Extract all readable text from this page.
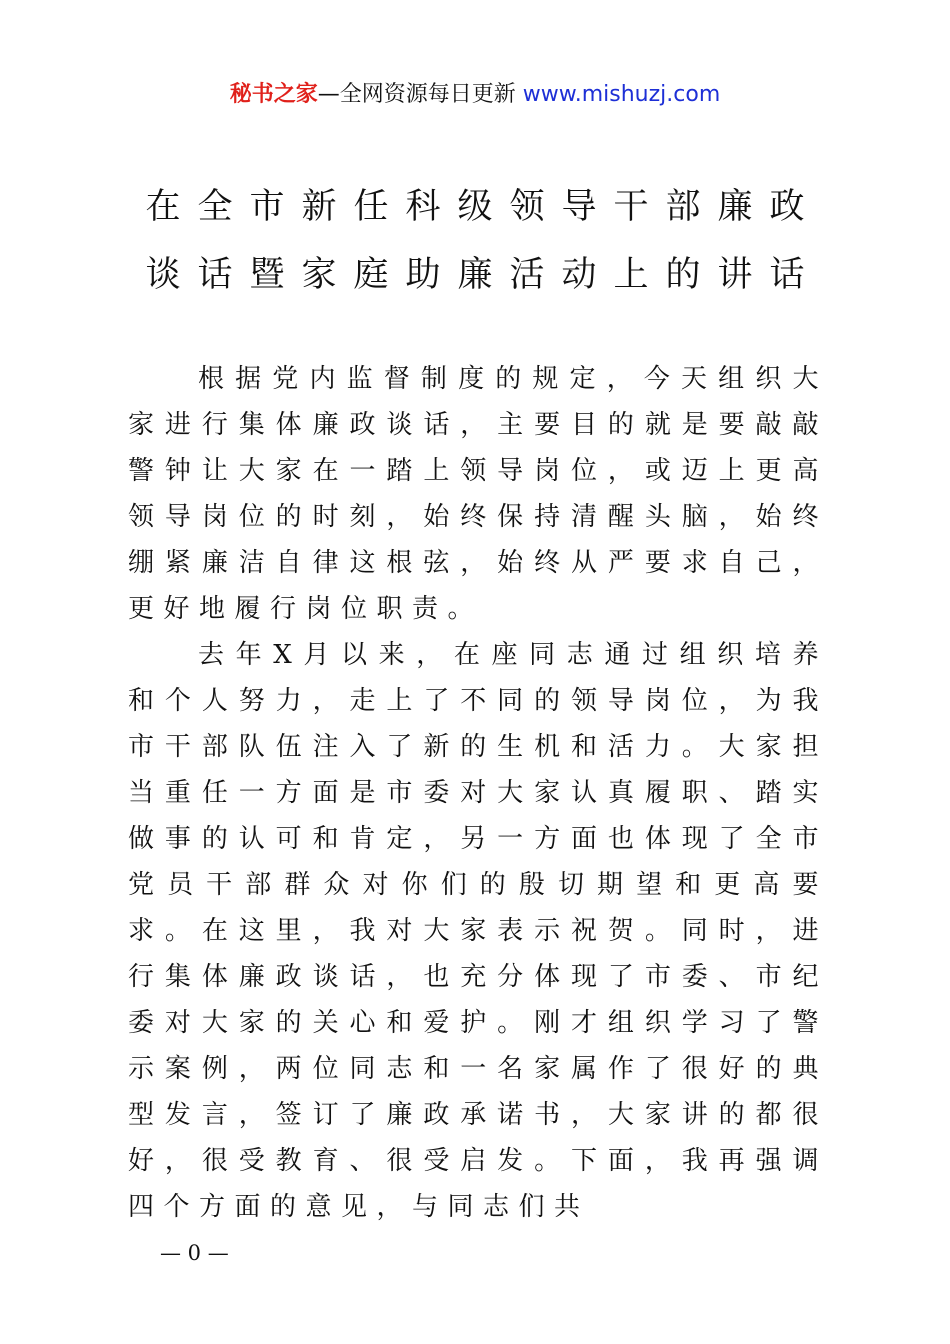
秘书之家—全网资源每日更新 www.mishuzj.com
在全市新任科级领导干部廉政
谈话暨家庭助廉活动上的讲话

根据党内监督制度的规定，今天组织大家进行集体廉政谈话，主要目的就是要敲敲警钟让大家在一踏上领导岗位，或迈上更高领导岗位的时刻，始终保持清醒头脑，始终绷紧廉洁自律这根弦，始终从严要求自己，更好地履行岗位职责。

去年X月以来，在座同志通过组织培养和个人努力，走上了不同的领导岗位，为我市干部队伍注入了新的生机和活力。大家担当重任一方面是市委对大家认真履职、踏实做事的认可和肯定，另一方面也体现了全市党员干部群众对你们的殷切期望和更高要求。在这里，我对大家表示祝贺。同时，进行集体廉政谈话，也充分体现了市委、市纪委对大家的关心和爱护。刚才组织学习了警示案例，两位同志和一名家属作了很好的典型发言，签订了廉政承诺书，大家讲的都很好，很受教育、很受启发。下面，我再强调四个方面的意见，与同志们共

— 0 —
